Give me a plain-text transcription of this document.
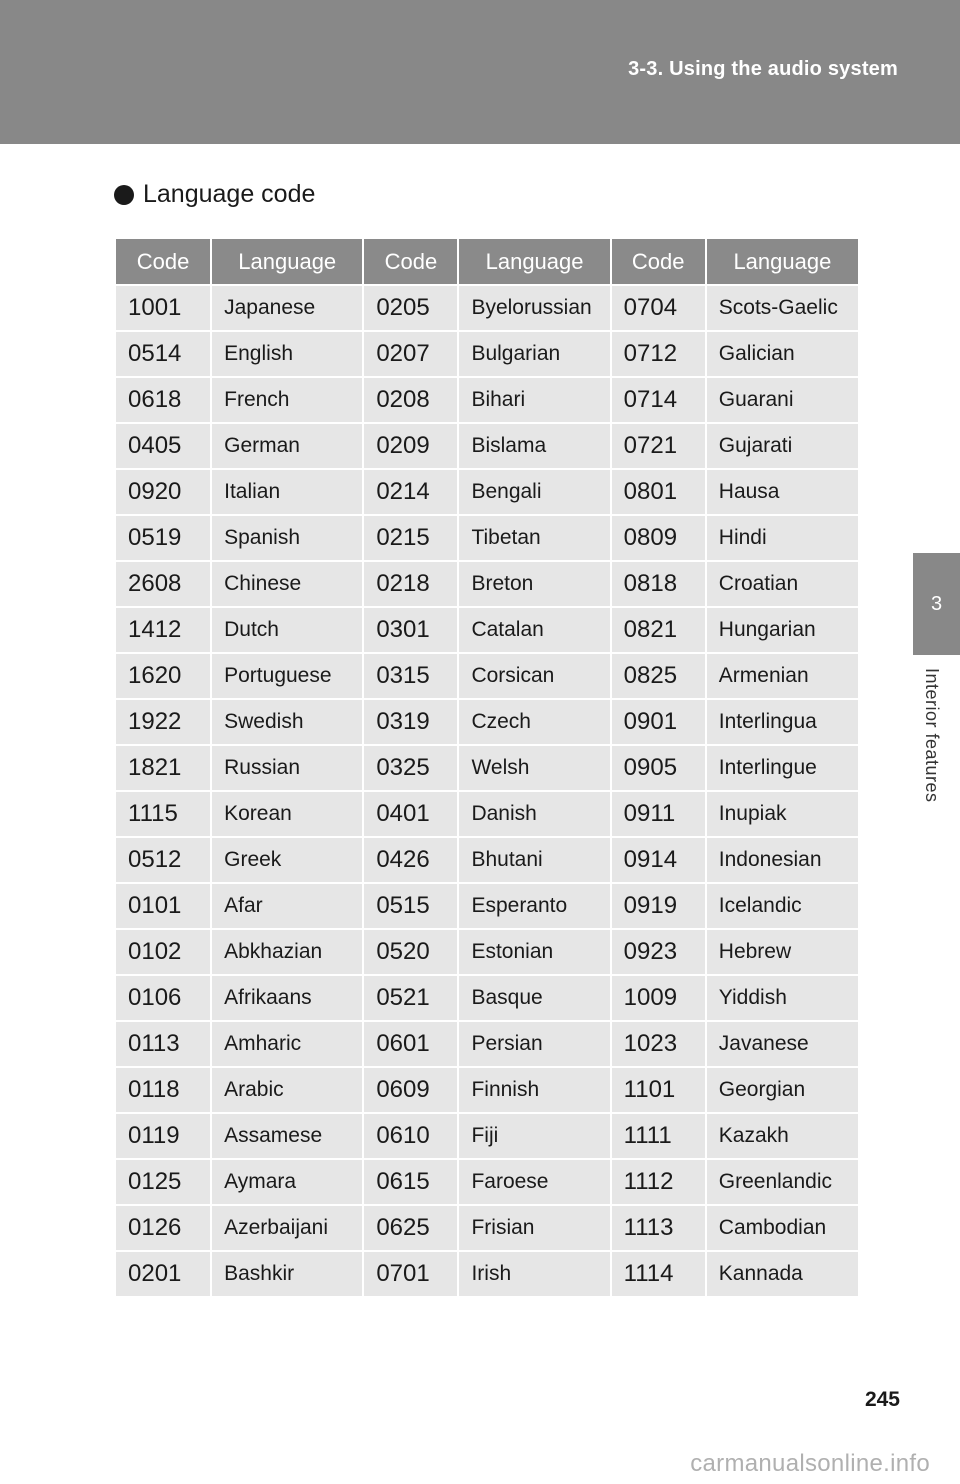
3-3. Using the audio system
3
Interior features
Language code
Code	Language	Code	Language	Code	Language
1001	Japanese	0205	Byelorussian	0704	Scots-Gaelic
0514	English	0207	Bulgarian	0712	Galician
0618	French	0208	Bihari	0714	Guarani
0405	German	0209	Bislama	0721	Gujarati
0920	Italian	0214	Bengali	0801	Hausa
0519	Spanish	0215	Tibetan	0809	Hindi
2608	Chinese	0218	Breton	0818	Croatian
1412	Dutch	0301	Catalan	0821	Hungarian
1620	Portuguese	0315	Corsican	0825	Armenian
1922	Swedish	0319	Czech	0901	Interlingua
1821	Russian	0325	Welsh	0905	Interlingue
1115	Korean	0401	Danish	0911	Inupiak
0512	Greek	0426	Bhutani	0914	Indonesian
0101	Afar	0515	Esperanto	0919	Icelandic
0102	Abkhazian	0520	Estonian	0923	Hebrew
0106	Afrikaans	0521	Basque	1009	Yiddish
0113	Amharic	0601	Persian	1023	Javanese
0118	Arabic	0609	Finnish	1101	Georgian
0119	Assamese	0610	Fiji	1111	Kazakh
0125	Aymara	0615	Faroese	1112	Greenlandic
0126	Azerbaijani	0625	Frisian	1113	Cambodian
0201	Bashkir	0701	Irish	1114	Kannada
245
carmanualsonline.info
